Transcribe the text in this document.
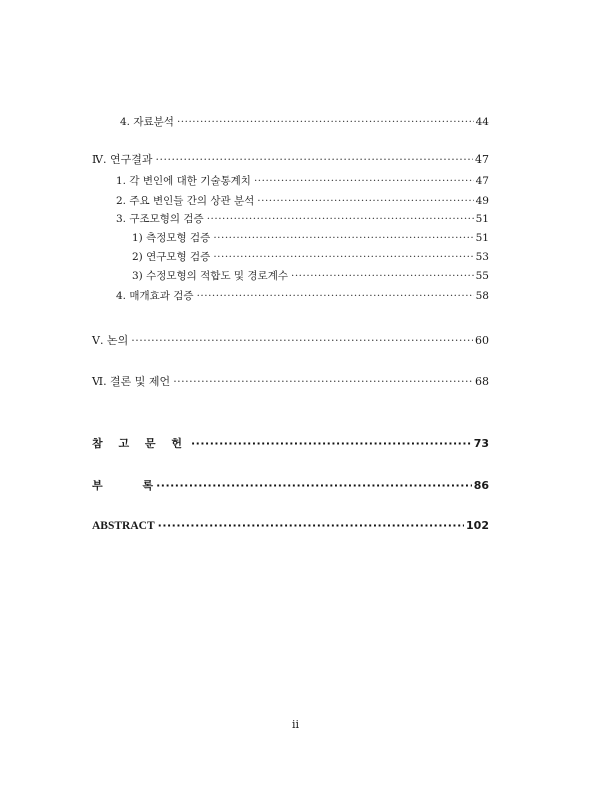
4. 자료분석 ·····	44
Ⅳ. 연구결과 ·····	47
1. 각 변인에 대한 기술통계치 ·····	47
2. 주요 변인들 간의 상관 분석 ·····	49
3. 구조모형의 검증 ·····	51
1) 측정모형 검증 ·····	51
2) 연구모형 검증 ·····	53
3) 수정모형의 적합도 및 경로계수 ·····	55
4. 매개효과 검증 ·····	58
Ⅴ. 논의 ·····	60
Ⅵ. 결론 및 제언 ·····	68
참 고 문 헌 ·····	73
부 록 ·····	86
ABSTRACT ·····	102
ii
